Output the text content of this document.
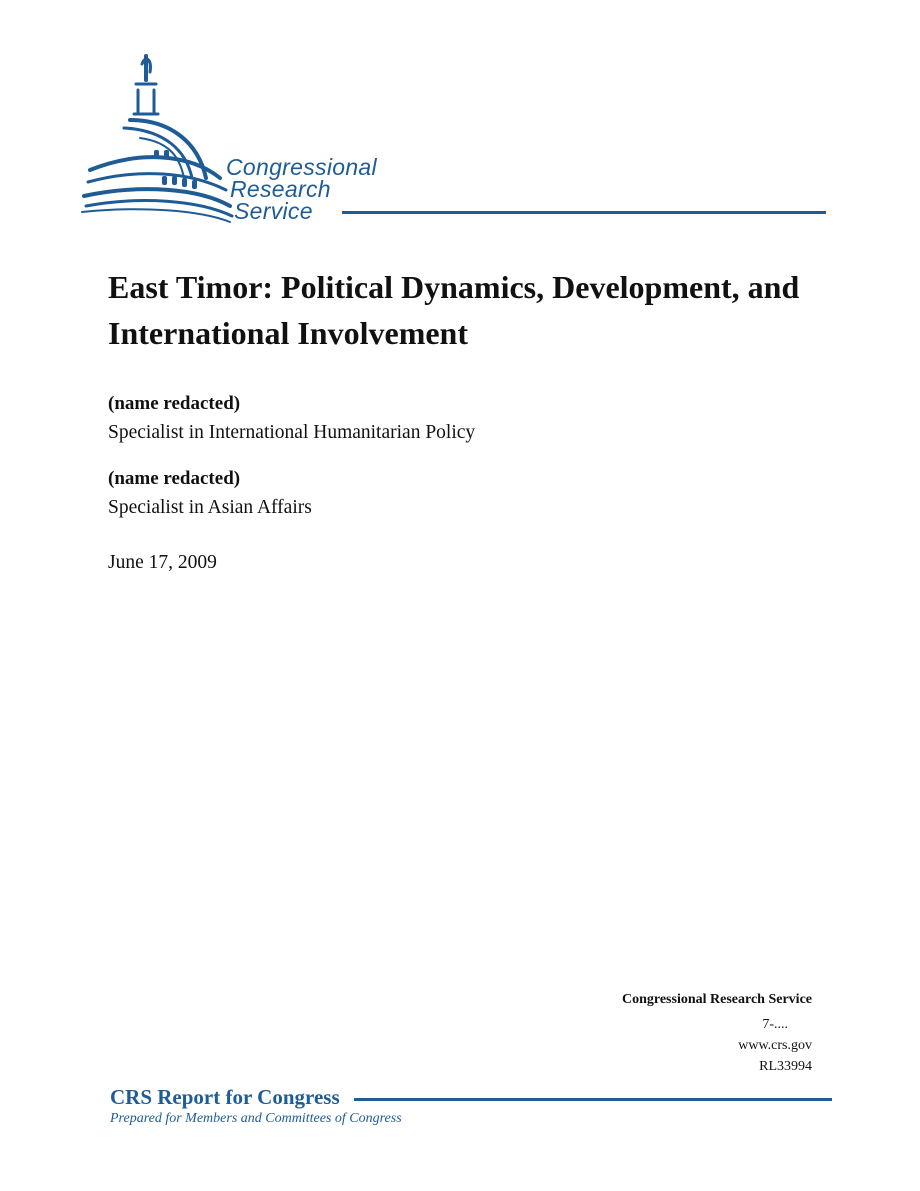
Congressional
Research
Service
East Timor: Political Dynamics, Development, and International Involvement
(name redacted)
Specialist in International Humanitarian Policy
(name redacted)
Specialist in Asian Affairs
June 17, 2009
Congressional Research Service
7-....
www.crs.gov
RL33994
CRS Report for Congress
Prepared for Members and Committees of Congress
